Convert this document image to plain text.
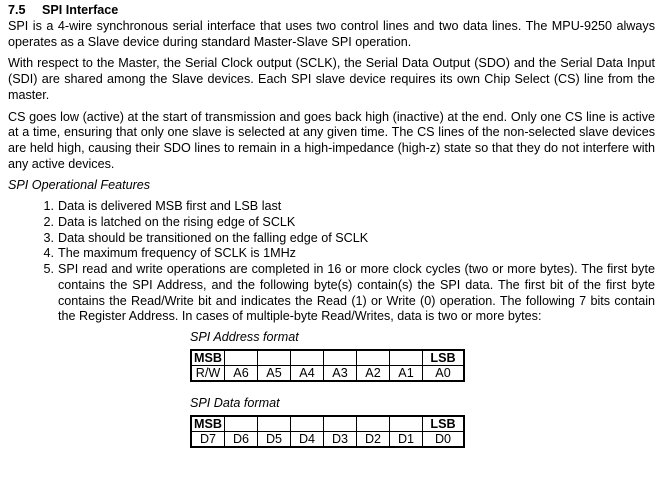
7.5 SPI Interface

SPI is a 4-wire synchronous serial interface that uses two control lines and two data lines. The MPU-9250 always operates as a Slave device during standard Master-Slave SPI operation.

With respect to the Master, the Serial Clock output (SCLK), the Serial Data Output (SDO) and the Serial Data Input (SDI) are shared among the Slave devices. Each SPI slave device requires its own Chip Select (CS) line from the master.

CS goes low (active) at the start of transmission and goes back high (inactive) at the end. Only one CS line is active at a time, ensuring that only one slave is selected at any given time. The CS lines of the non-selected slave devices are held high, causing their SDO lines to remain in a high-impedance (high-z) state so that they do not interfere with any active devices.

SPI Operational Features
1. Data is delivered MSB first and LSB last
2. Data is latched on the rising edge of SCLK
3. Data should be transitioned on the falling edge of SCLK
4. The maximum frequency of SCLK is 1MHz
5. SPI read and write operations are completed in 16 or more clock cycles (two or more bytes). The first byte contains the SPI Address, and the following byte(s) contain(s) the SPI data. The first bit of the first byte contains the Read/Write bit and indicates the Read (1) or Write (0) operation. The following 7 bits contain the Register Address. In cases of multiple-byte Read/Writes, data is two or more bytes:
SPI Address format
MSB							LSB
R/W	A6	A5	A4	A3	A2	A1	A0
SPI Data format
MSB							LSB
D7	D6	D5	D4	D3	D2	D1	D0
